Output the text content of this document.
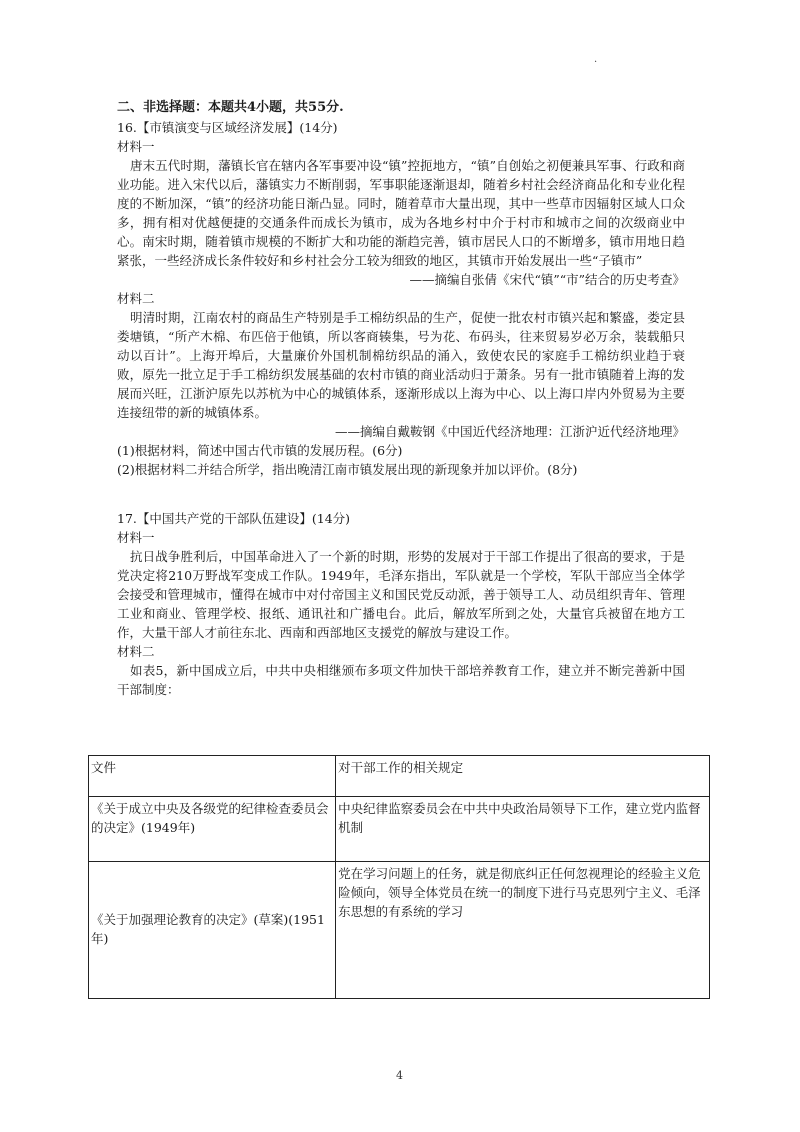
.

二、非选择题：本题共4小题，共55分.

16.【市镇演变与区域经济发展】(14分)

材料一

唐末五代时期，藩镇长官在辖内各军事要冲设“镇”控扼地方，“镇”自创始之初便兼具军事、行政和商业功能。进入宋代以后，藩镇实力不断削弱，军事职能逐渐退却，随着乡村社会经济商品化和专业化程度的不断加深，“镇”的经济功能日渐凸显。同时，随着草市大量出现，其中一些草市因辐射区域人口众多，拥有相对优越便捷的交通条件而成长为镇市，成为各地乡村中介于村市和城市之间的次级商业中心。南宋时期，随着镇市规模的不断扩大和功能的渐趋完善，镇市居民人口的不断增多，镇市用地日趋紧张，一些经济成长条件较好和乡村社会分工较为细致的地区，其镇市开始发展出一些“子镇市”

——摘编自张倩《宋代“镇”“市”结合的历史考查》

材料二

明清时期，江南农村的商品生产特别是手工棉纺织品的生产，促使一批农村市镇兴起和繁盛，娄定县娄塘镇，“所产木棉、布匹倍于他镇，所以客商辏集，号为花、布码头，往来贸易岁必万余，装载船只动以百计”。上海开埠后，大量廉价外国机制棉纺织品的涌入，致使农民的家庭手工棉纺织业趋于衰败，原先一批立足于手工棉纺织发展基础的农村市镇的商业活动归于萧条。另有一批市镇随着上海的发展而兴旺，江浙沪原先以苏杭为中心的城镇体系，逐渐形成以上海为中心、以上海口岸内外贸易为主要连接纽带的新的城镇体系。

——摘编自戴鞍钢《中国近代经济地理：江浙沪近代经济地理》

(1)根据材料，简述中国古代市镇的发展历程。(6分)

(2)根据材料二并结合所学，指出晚清江南市镇发展出现的新现象并加以评价。(8分)

17.【中国共产党的干部队伍建设】(14分)

材料一

抗日战争胜利后，中国革命进入了一个新的时期，形势的发展对于干部工作提出了很高的要求，于是党决定将210万野战军变成工作队。1949年，毛泽东指出，军队就是一个学校，军队干部应当全体学会接受和管理城市，懂得在城市中对付帝国主义和国民党反动派，善于领导工人、动员组织青年、管理工业和商业、管理学校、报纸、通讯社和广播电台。此后，解放军所到之处，大量官兵被留在地方工作，大量干部人才前往东北、西南和西部地区支援党的解放与建设工作。

材料二

如表5，新中国成立后，中共中央相继颁布多项文件加快干部培养教育工作，建立并不断完善新中国干部制度：

文件	对干部工作的相关规定
《关于成立中央及各级党的纪律检查委员会的决定》(1949年)	中央纪律监察委员会在中共中央政治局领导下工作，建立党内监督机制
《关于加强理论教育的决定》(草案)(1951年)	党在学习问题上的任务，就是彻底纠正任何忽视理论的经验主义危险倾向，领导全体党员在统一的制度下进行马克思列宁主义、毛泽东思想的有系统的学习
4
